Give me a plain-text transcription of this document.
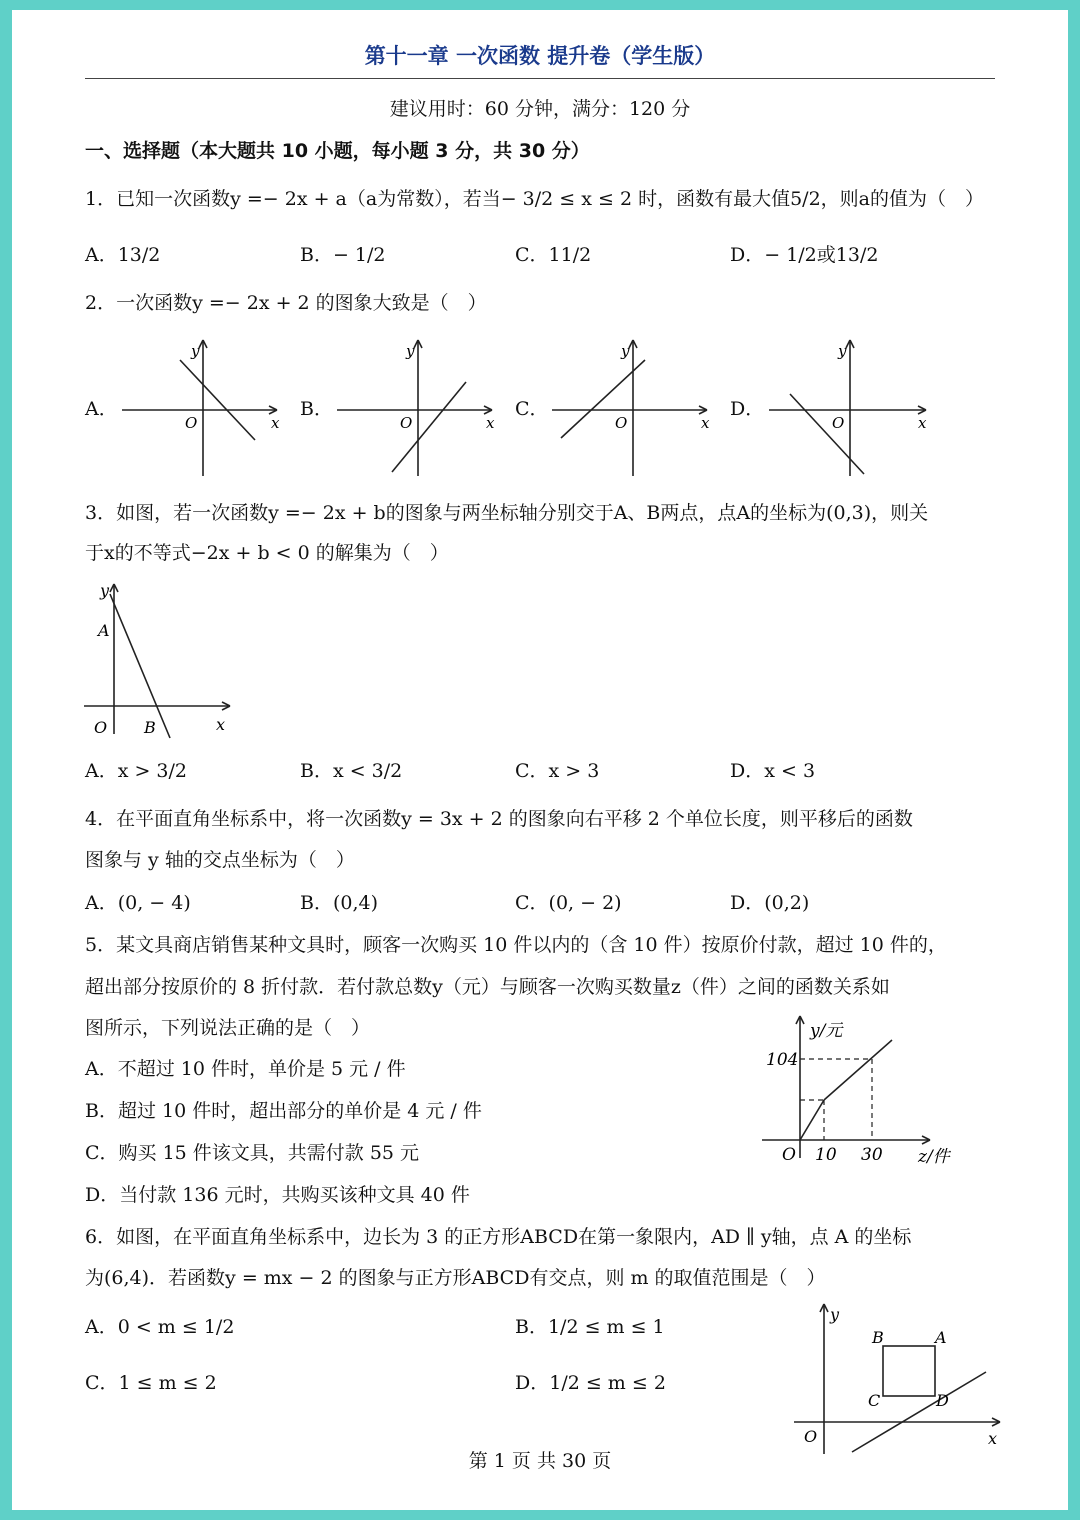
第十一章 一次函数 提升卷（学生版）
建议用时：60 分钟，满分：120 分
一、选择题（本大题共 10 小题，每小题 3 分，共 30 分）
1．已知一次函数y =− 2x + a（a为常数），若当− 3/2 ≤ x ≤ 2 时，函数有最大值5/2，则a的值为（　）
A．13/2	B．− 1/2	C．11/2	D．− 1/2或13/2
2．一次函数y =− 2x + 2 的图象大致是（　）
A．
y
x
O
B．
y
x
O
C．
y
x
O
D．
y
x
O
3．如图，若一次函数y =− 2x + b的图象与两坐标轴分别交于A、B两点，点A的坐标为(0,3)，则关
于x的不等式−2x + b < 0 的解集为（　）
y
A
O B	x
A．x > 3/2	B．x < 3/2	C．x > 3	D．x < 3
4．在平面直角坐标系中，将一次函数y = 3x + 2 的图象向右平移 2 个单位长度，则平移后的函数
图象与 y 轴的交点坐标为（　）
A．(0, − 4)	B．(0,4)	C．(0, − 2)	D．(0,2)
5．某文具商店销售某种文具时，顾客一次购买 10 件以内的（含 10 件）按原价付款，超过 10 件的，
超出部分按原价的 8 折付款．若付款总数y（元）与顾客一次购买数量z（件）之间的函数关系如
图所示，下列说法正确的是（　）
A．不超过 10 件时，单价是 5 元 / 件
B．超过 10 件时，超出部分的单价是 4 元 / 件
C．购买 15 件该文具，共需付款 55 元
D．当付款 136 元时，共购买该种文具 40 件
y/元
104
O 10 30 z/件
6．如图，在平面直角坐标系中，边长为 3 的正方形ABCD在第一象限内，AD ∥ y轴，点 A 的坐标
为(6,4)．若函数y = mx − 2 的图象与正方形ABCD有交点，则 m 的取值范围是（　）
A．0 < m ≤ 1/2	B．1/2 ≤ m ≤ 1
C．1 ≤ m ≤ 2	D．1/2 ≤ m ≤ 2
y
B	A
C	D
O	x
第 1 页 共 30 页
